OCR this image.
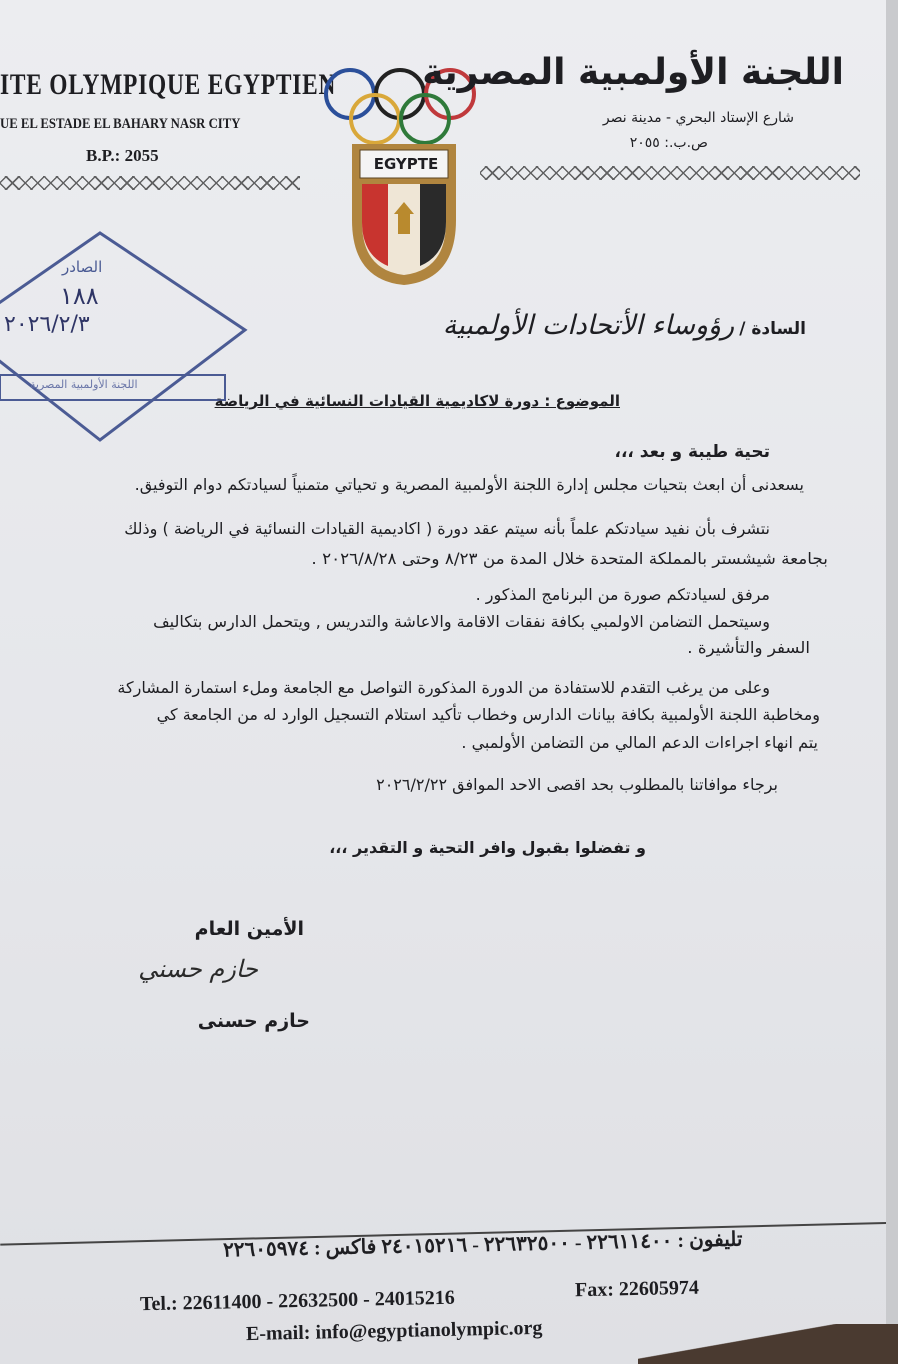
ITE OLYMPIQUE EGYPTIEN
UE EL ESTADE EL BAHARY NASR CITY
B.P.: 2055	EGYPTE
اللجنة الأولمبية المصرية
شارع الإستاد البحري - مدينة نصر
ص.ب.: ٢٠٥٥
الصادر
١٨٨
٢٠٢٦/٢/٣
اللجنة الأولمبية المصرية
السادة / رؤوساء الأتحادات الأولمبية
الموضوع : دورة لاكاديمية القيادات النسائية في الرياضة
تحية طيبة و بعد ،،،
يسعدنى أن ابعث بتحيات مجلس إدارة اللجنة الأولمبية المصرية و تحياتي متمنياً لسيادتكم دوام التوفيق.
نتشرف بأن نفيد سيادتكم علماً بأنه سيتم عقد دورة ( اكاديمية القيادات النسائية في الرياضة ) وذلك
بجامعة شيشستر بالمملكة المتحدة خلال المدة من ٨/٢٣ وحتى ٢٠٢٦/٨/٢٨ .
مرفق لسيادتكم صورة من البرنامج المذكور .
وسيتحمل التضامن الاولمبي بكافة نفقات الاقامة والاعاشة والتدريس , ويتحمل الدارس بتكاليف
السفر والتأشيرة .
وعلى من يرغب التقدم للاستفادة من الدورة المذكورة التواصل مع الجامعة وملء استمارة المشاركة
ومخاطبة اللجنة الأولمبية بكافة بيانات الدارس وخطاب تأكيد استلام التسجيل الوارد له من الجامعة كي
يتم انهاء اجراءات الدعم المالي من التضامن الأولمبي .
برجاء موافاتنا بالمطلوب بحد اقصى الاحد الموافق ٢٠٢٦/٢/٢٢
و تفضلوا بقبول وافر التحية و التقدير ،،،
الأمين العام
حازم حسني
حازم حسنى
تليفون : ٢٢٦١١٤٠٠ - ٢٢٦٣٢٥٠٠ - ٢٤٠١٥٢١٦ فاكس : ٢٢٦٠٥٩٧٤
Tel.: 22611400 - 22632500 - 24015216	Fax: 22605974
E-mail: info@egyptianolympic.org
